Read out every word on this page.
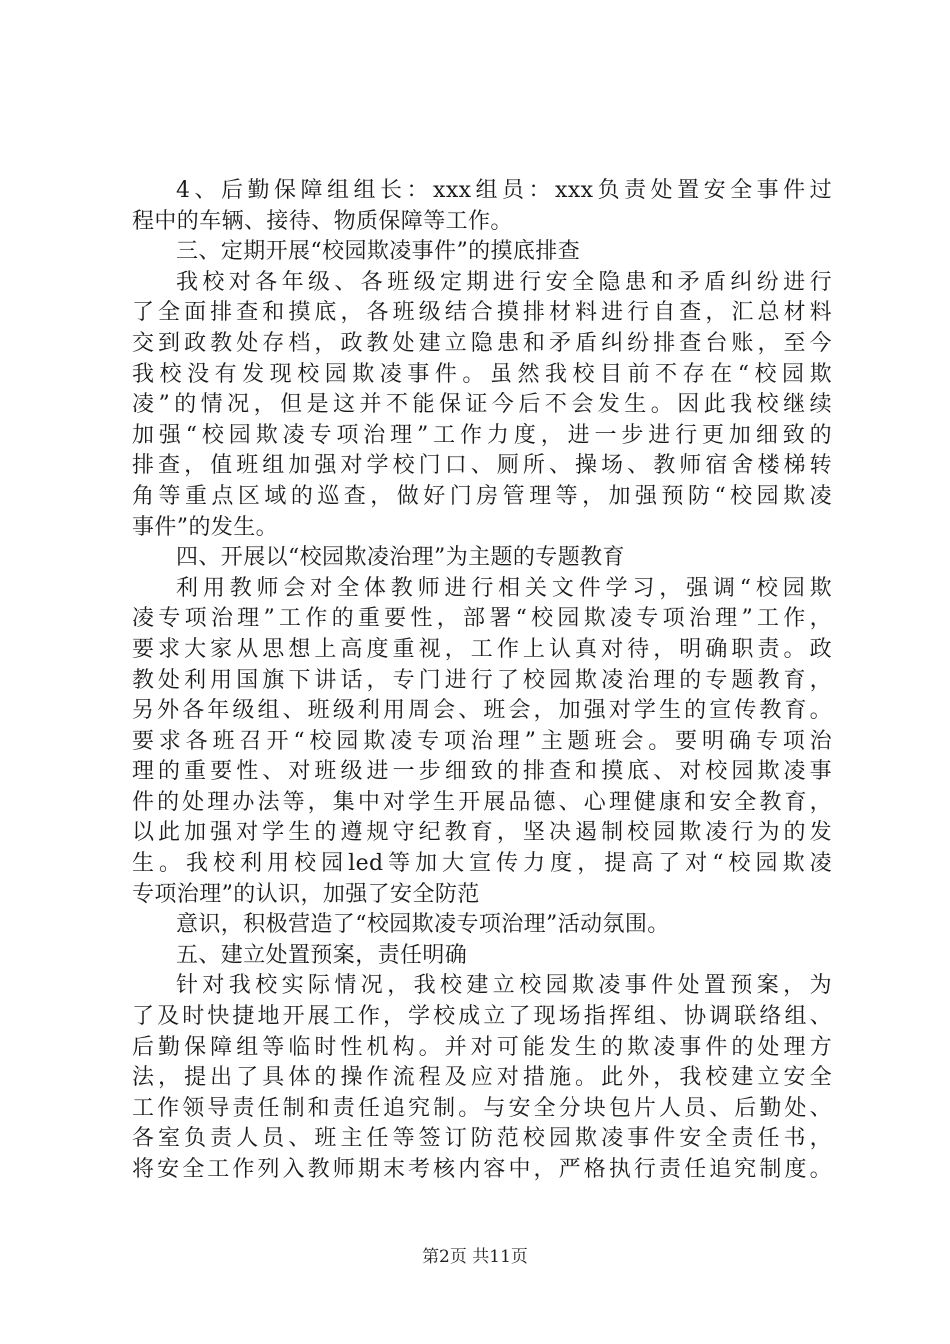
4、后勤保障组组长：xxx组员：xxx负责处置安全事件过
程中的车辆、接待、物质保障等工作。
三、定期开展“校园欺凌事件”的摸底排查
我校对各年级、各班级定期进行安全隐患和矛盾纠纷进行
了全面排查和摸底，各班级结合摸排材料进行自查，汇总材料
交到政教处存档，政教处建立隐患和矛盾纠纷排查台账，至今
我校没有发现校园欺凌事件。虽然我校目前不存在“校园欺
凌”的情况，但是这并不能保证今后不会发生。因此我校继续
加强“校园欺凌专项治理”工作力度，进一步进行更加细致的
排查，值班组加强对学校门口、厕所、操场、教师宿舍楼梯转
角等重点区域的巡查，做好门房管理等，加强预防“校园欺凌
事件”的发生。
四、开展以“校园欺凌治理”为主题的专题教育
利用教师会对全体教师进行相关文件学习，强调“校园欺
凌专项治理”工作的重要性，部署“校园欺凌专项治理”工作，
要求大家从思想上高度重视，工作上认真对待，明确职责。政
教处利用国旗下讲话，专门进行了校园欺凌治理的专题教育，
另外各年级组、班级利用周会、班会，加强对学生的宣传教育。
要求各班召开“校园欺凌专项治理”主题班会。要明确专项治
理的重要性、对班级进一步细致的排查和摸底、对校园欺凌事
件的处理办法等，集中对学生开展品德、心理健康和安全教育，
以此加强对学生的遵规守纪教育，坚决遏制校园欺凌行为的发
生。我校利用校园led等加大宣传力度，提高了对“校园欺凌
专项治理”的认识，加强了安全防范
意识，积极营造了“校园欺凌专项治理”活动氛围。
五、建立处置预案，责任明确
针对我校实际情况，我校建立校园欺凌事件处置预案，为
了及时快捷地开展工作，学校成立了现场指挥组、协调联络组、
后勤保障组等临时性机构。并对可能发生的欺凌事件的处理方
法，提出了具体的操作流程及应对措施。此外，我校建立安全
工作领导责任制和责任追究制。与安全分块包片人员、后勤处、
各室负责人员、班主任等签订防范校园欺凌事件安全责任书，
将安全工作列入教师期末考核内容中，严格执行责任追究制度。
第2页 共11页
